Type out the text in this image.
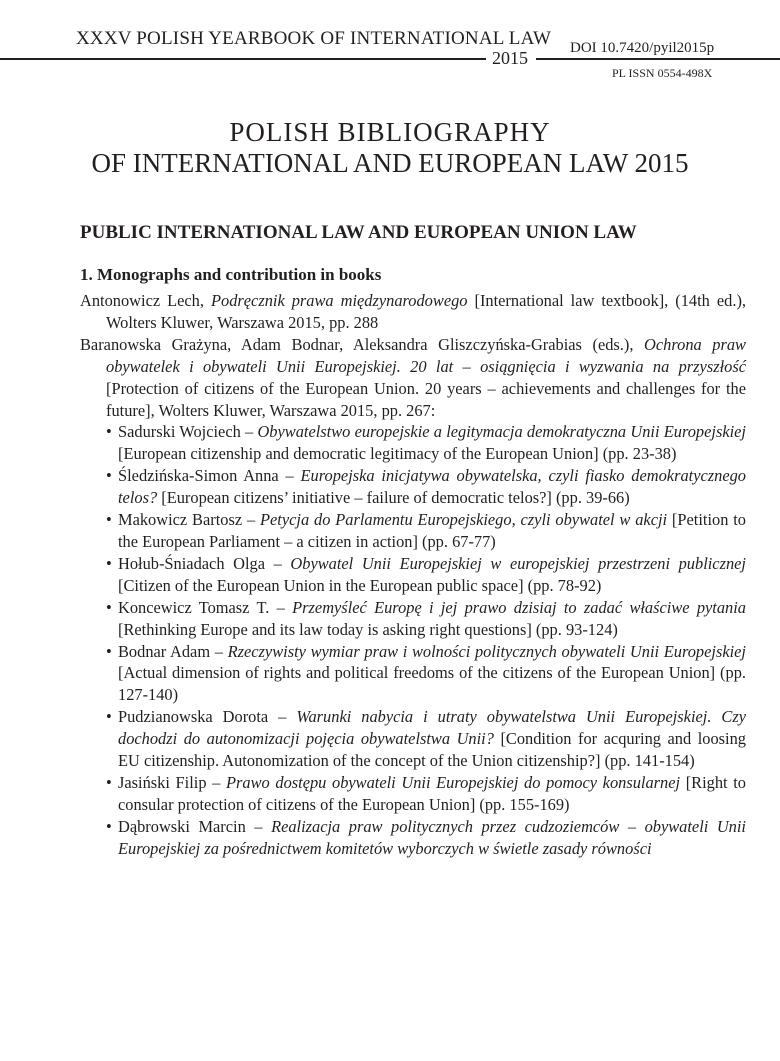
XXXV POLISH YEARBOOK OF INTERNATIONAL LAW
2015	DOI 10.7420/pyil2015p
PL ISSN 0554-498X
POLISH BIBLIOGRAPHY
OF INTERNATIONAL AND EUROPEAN LAW 2015
PUBLIC INTERNATIONAL LAW AND EUROPEAN UNION LAW
1. Monographs and contribution in books

Antonowicz Lech, Podręcznik prawa międzynarodowego [International law textbook], (14th ed.), Wolters Kluwer, Warszawa 2015, pp. 288

Baranowska Grażyna, Adam Bodnar, Aleksandra Gliszczyńska-Grabias (eds.), Ochrona praw obywatelek i obywateli Unii Europejskiej. 20 lat – osiągnięcia i wyzwania na przyszłość [Protection of citizens of the European Union. 20 years – achievements and challenges for the future], Wolters Kluwer, Warszawa 2015, pp. 267:

• Sadurski Wojciech – Obywatelstwo europejskie a legitymacja demokratyczna Unii Europejskiej [European citizenship and democratic legitimacy of the European Union] (pp. 23-38)
• Śledzińska-Simon Anna – Europejska inicjatywa obywatelska, czyli fiasko demokratycznego telos? [European citizens’ initiative – failure of democratic telos?] (pp. 39-66)
• Makowicz Bartosz – Petycja do Parlamentu Europejskiego, czyli obywatel w akcji [Petition to the European Parliament – a citizen in action] (pp. 67-77)
• Hołub-Śniadach Olga – Obywatel Unii Europejskiej w europejskiej przestrzeni publicznej [Citizen of the European Union in the European public space] (pp. 78-92)
• Koncewicz Tomasz T. – Przemyśleć Europę i jej prawo dzisiaj to zadać właściwe pytania [Rethinking Europe and its law today is asking right questions] (pp. 93-124)
• Bodnar Adam – Rzeczywisty wymiar praw i wolności politycznych obywateli Unii Europejskiej [Actual dimension of rights and political freedoms of the citizens of the European Union] (pp. 127-140)
• Pudzianowska Dorota – Warunki nabycia i utraty obywatelstwa Unii Europejskiej. Czy dochodzi do autonomizacji pojęcia obywatelstwa Unii? [Condition for acquring and loosing EU citizenship. Autonomization of the concept of the Union citizenship?] (pp. 141-154)
• Jasiński Filip – Prawo dostępu obywateli Unii Europejskiej do pomocy konsularnej [Right to consular protection of citizens of the European Union] (pp. 155-169)
• Dąbrowski Marcin – Realizacja praw politycznych przez cudzoziemców – obywateli Unii Europejskiej za pośrednictwem komitetów wyborczych w świetle zasady równości
